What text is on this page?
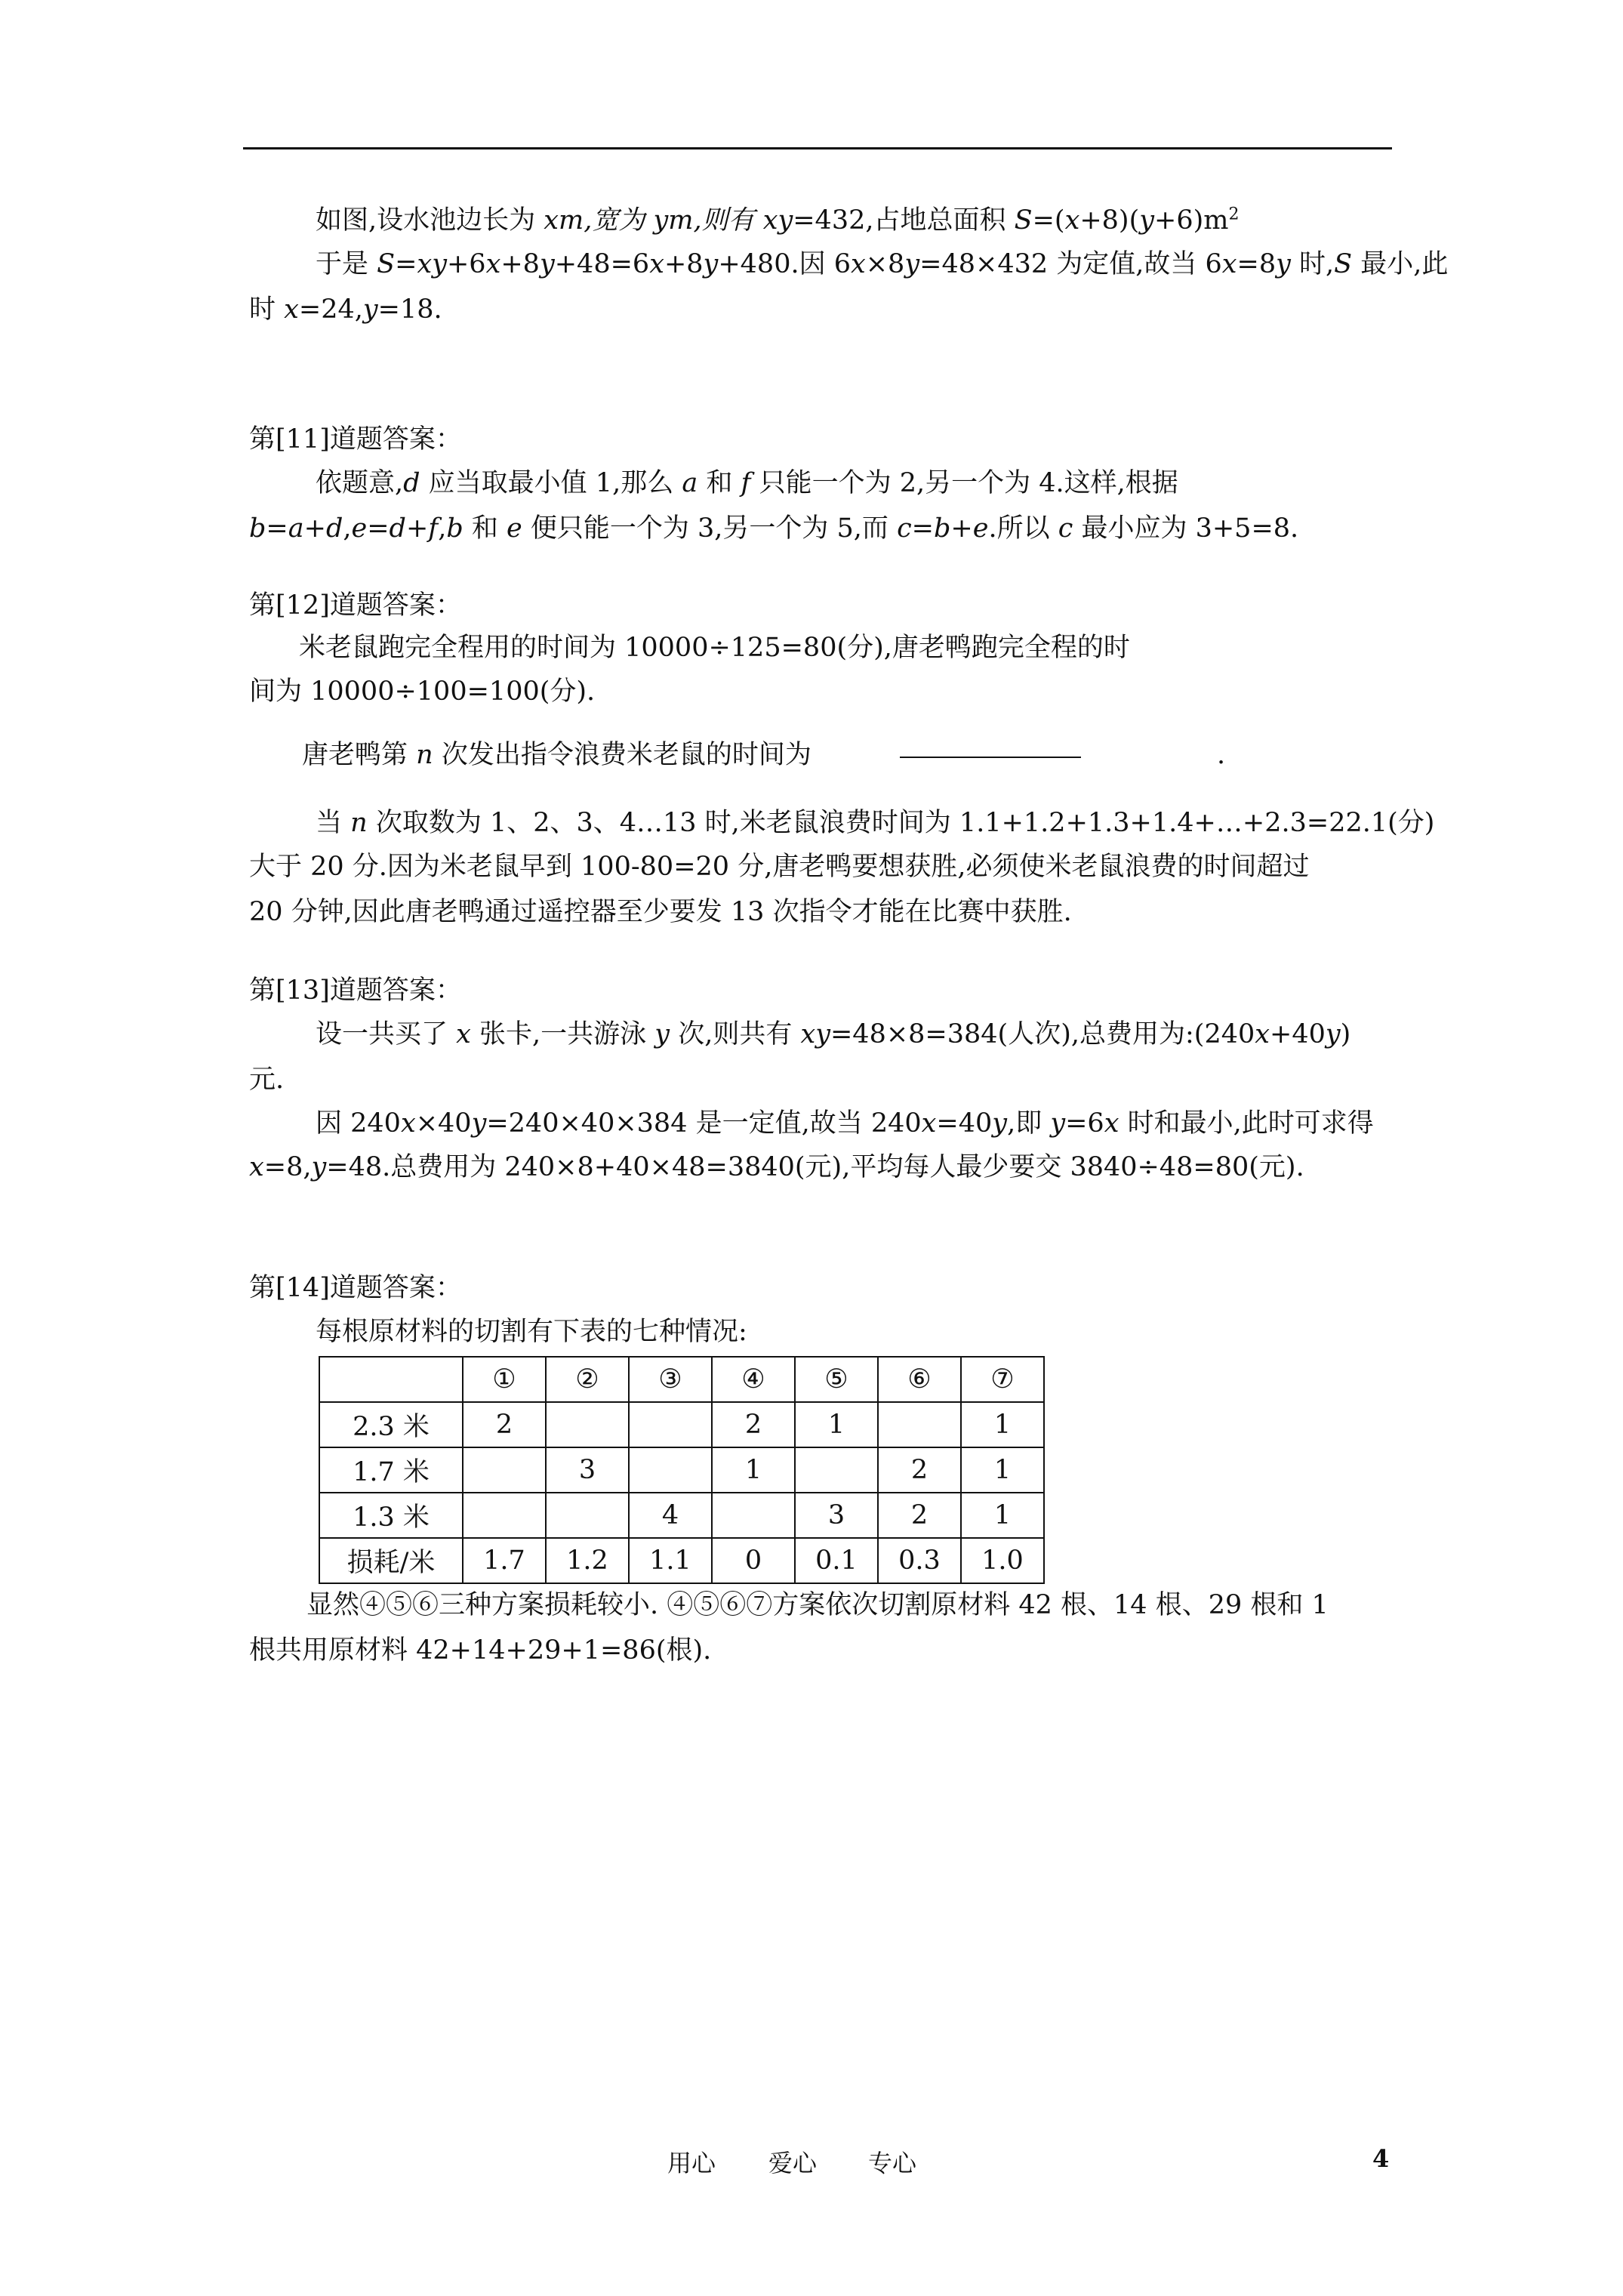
如图,设水池边长为 xm,宽为 ym,则有 xy=432,占地总面积 $S=(x+8)(y+6)m^2$
于是 S=xy+6x+8y+48=6x+8y+480.因 6x×8y=48×432 为定值,故当 6x=8y 时,S 最小,此
时 x=24,y=18.
第[11]道题答案：
依题意,d 应当取最小值 1,那么 a 和 f 只能一个为 2,另一个为 4.这样,根据
b=a+d,e=d+f,b 和 e 便只能一个为 3,另一个为 5,而 c=b+e.所以 c 最小应为 3+5=8.
第[12]道题答案：
米老鼠跑完全程用的时间为 10000÷125=80(分),唐老鸭跑完全程的时
间为 10000÷100=100(分).
唐老鸭第 n 次发出指令浪费米老鼠的时间为	.
当 n 次取数为 1、2、3、4…13 时,米老鼠浪费时间为 1.1+1.2+1.3+1.4+…+2.3=22.1(分)
大于 20 分.因为米老鼠早到 100-80=20 分,唐老鸭要想获胜,必须使米老鼠浪费的时间超过
20 分钟,因此唐老鸭通过遥控器至少要发 13 次指令才能在比赛中获胜.
第[13]道题答案：
设一共买了 x 张卡,一共游泳 y 次,则共有 xy=48×8=384(人次),总费用为:(240x+40y)
元.
因 240x×40y=240×40×384 是一定值,故当 240x=40y,即 y=6x 时和最小,此时可求得
x=8,y=48.总费用为 240×8+40×48=3840(元),平均每人最少要交 3840÷48=80(元).
第[14]道题答案：
每根原材料的切割有下表的七种情况:
	①	②	③	④	⑤	⑥	⑦
2.3 米	2			2	1		1
1.7 米		3		1		2	1
1.3 米			4		3	2	1
损耗/米	1.7	1.2	1.1	0	0.1	0.3	1.0
显然④⑤⑥三种方案损耗较小. ④⑤⑥⑦方案依次切割原材料 42 根、14 根、29 根和 1
根共用原材料 42+14+29+1=86(根).
用心 爱心 专心	4
